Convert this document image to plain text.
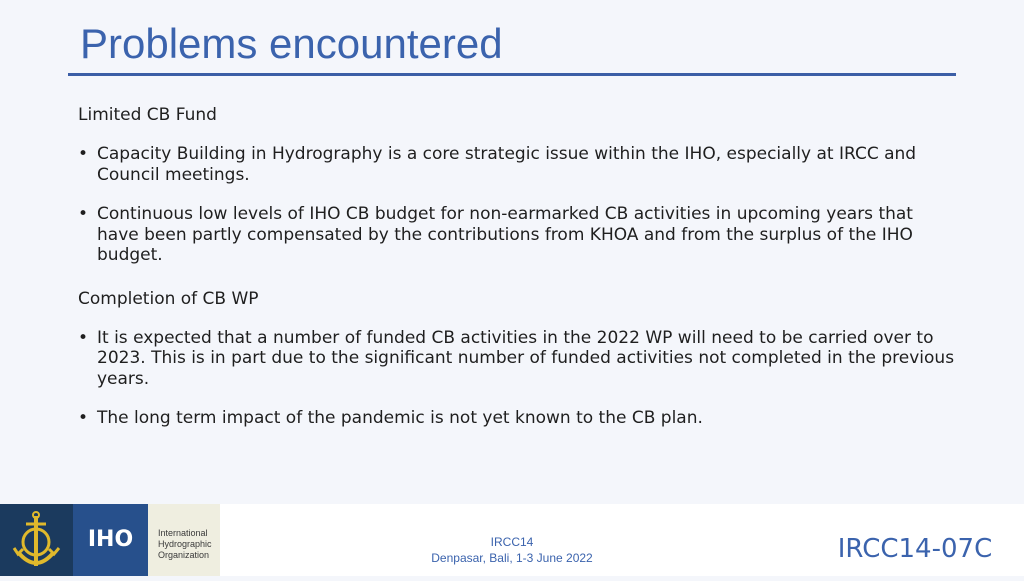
Problems encountered
Limited CB Fund
• Capacity Building in Hydrography is a core strategic issue within the IHO, especially at IRCC and Council meetings.
• Continuous low levels of IHO CB budget for non-earmarked CB activities in upcoming years that have been partly compensated by the contributions from KHOA and from the surplus of the IHO budget.
Completion of CB WP
• It is expected that a number of funded CB activities in the 2022 WP will need to be carried over to 2023. This is in part due to the significant number of funded activities not completed in the previous years.
• The long term impact of the pandemic is not yet known to the CB plan.
IHO	International
Hydrographic
Organization
IRCC14
Denpasar, Bali, 1-3 June 2022	IRCC14-07C
